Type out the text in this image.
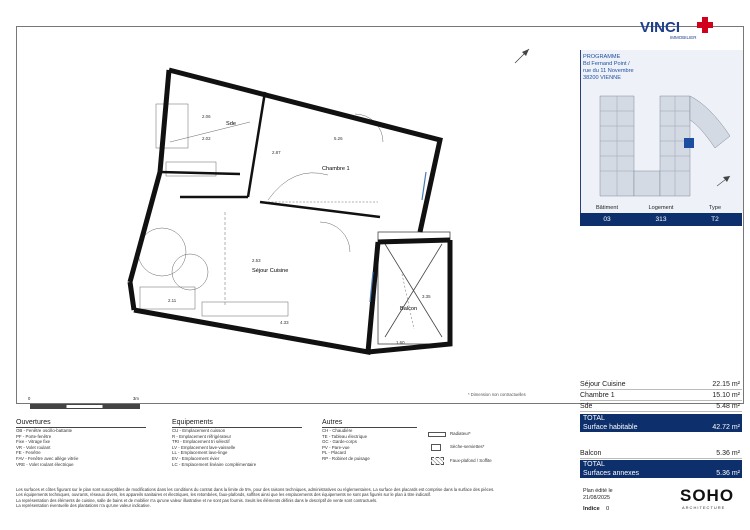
VINCI
IMMOBILIER
PROGRAMME
Bd Fernand Point /
rue du 11 Novembre
38200 VIENNE
Bâtiment	Logement	Type
03	313	T2
Séjour Cuisine	22.15 m²
Chambre 1	15.10 m²
Sde	5.48 m²
TOTAL
Surface habitable	42.72 m²
Balcon	5.36 m²
TOTAL
Surfaces annexes	5.36 m²
Plan édité le
21/08/2025
Indice 0
SOHO
ARCHITECTURE
Sde
Chambre 1
Séjour Cuisine
Balcon
2.06
2.02	5.26
2.87
2.53
2.11
4.33
3.35
1.60
0	3m
* Dimension non contractuelles
Ouvertures
OB - Fenêtre oscillo-battante
PF - Porte-fenêtre
Fixe - Vitrage fixe
VR - Volet roulant
FE - Fenêtre
FAV - Fenêtre avec allège vitrée
VRE - Volet roulant électrique
Equipements
CU - Emplacement cuisson
R - Emplacement réfrigérateur
TRI - Emplacement tri sélectif
LV - Emplacement lave-vaisselle
LL - Emplacement lave-linge
EV - Emplacement évier
LC - Emplacement linéaire complémentaire
Autres
CH - Chaudière
TE - Tableau électrique
GC - Garde-corps
PV - Pare-vue
PL - Placard
RP - Robinet de puisage
Radiateur*
Sèche-serviettes*
Faux-plafond / Soffite
Les surfaces et côtes figurant sur le plan sont susceptibles de modifications dans les conditions du contrat dans la limite de 5%, pour des raisons techniques, administratives ou réglementaires. La surface des placards est comprise dans la surface des pièces.
Les équipements techniques, ouvrants, réseaux divers, les appareils sanitaires et électriques, les retombées, faux-plafonds, soffites ainsi que les emplacements des équipements ne sont pas figurés sur le plan à titre indicatif.
La représentation des éléments de cuisine, salle de bains et de mobilier n'a qu'une valeur illustrative et ne sont pas fournis. Seuls les éléments définis dans le descriptif de vente sont contractuels.
La représentation éventuelle des plantations n'a qu'une valeur indicative.
